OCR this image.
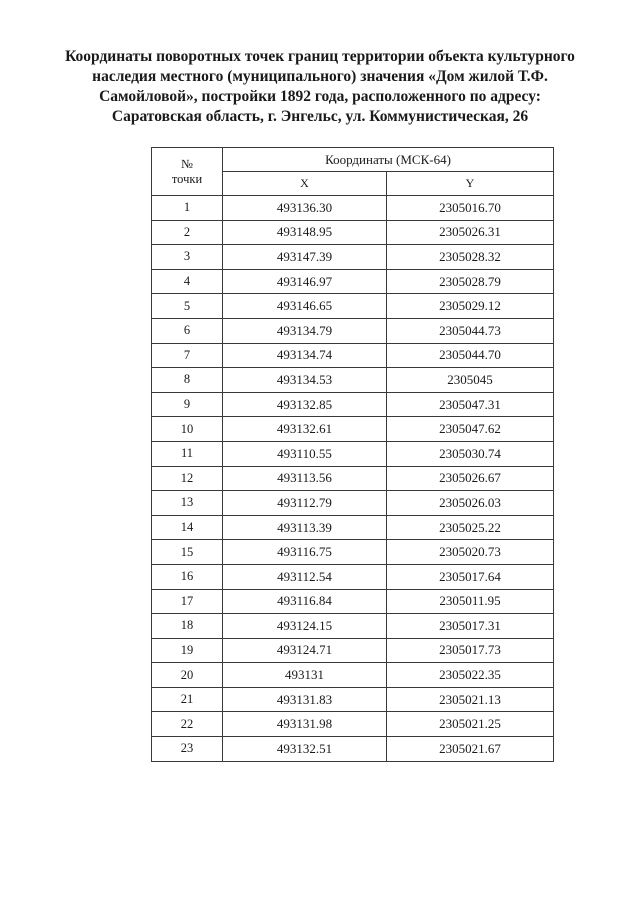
Координаты поворотных точек границ территории объекта культурного
наследия местного (муниципального) значения «Дом жилой Т.Ф.
Самойловой», постройки 1892 года, расположенного по адресу:
Саратовская область, г. Энгельс, ул. Коммунистическая, 26
№
точки	Координаты (МСК-64)	
	X	Y
1	493136.30	2305016.70
2	493148.95	2305026.31
3	493147.39	2305028.32
4	493146.97	2305028.79
5	493146.65	2305029.12
6	493134.79	2305044.73
7	493134.74	2305044.70
8	493134.53	2305045
9	493132.85	2305047.31
10	493132.61	2305047.62
11	493110.55	2305030.74
12	493113.56	2305026.67
13	493112.79	2305026.03
14	493113.39	2305025.22
15	493116.75	2305020.73
16	493112.54	2305017.64
17	493116.84	2305011.95
18	493124.15	2305017.31
19	493124.71	2305017.73
20	493131	2305022.35
21	493131.83	2305021.13
22	493131.98	2305021.25
23	493132.51	2305021.67
